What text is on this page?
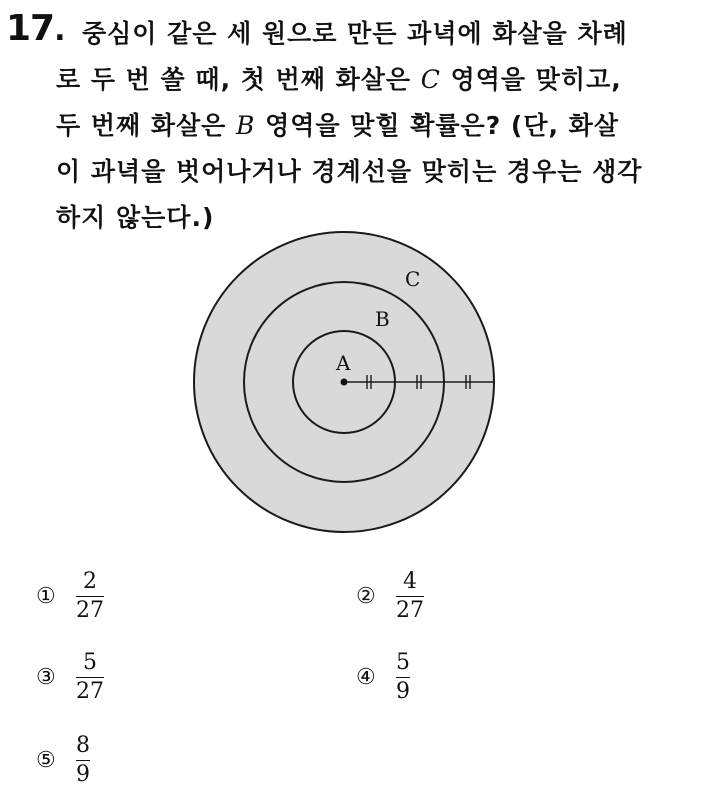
17. 중심이 같은 세 원으로 만든 과녁에 화살을 차례
로 두 번 쏠 때, 첫 번째 화살은 C 영역을 맞히고,
두 번째 화살은 B 영역을 맞힐 확률은? (단, 화살
이 과녁을 벗어나거나 경계선을 맞히는 경우는 생각
하지 않는다.)
A
B
C
① $\frac{2}{27}$	② $\frac{4}{27}$
③ $\frac{5}{27}$	④ $\frac{5}{9}$
⑤ $\frac{8}{9}$
